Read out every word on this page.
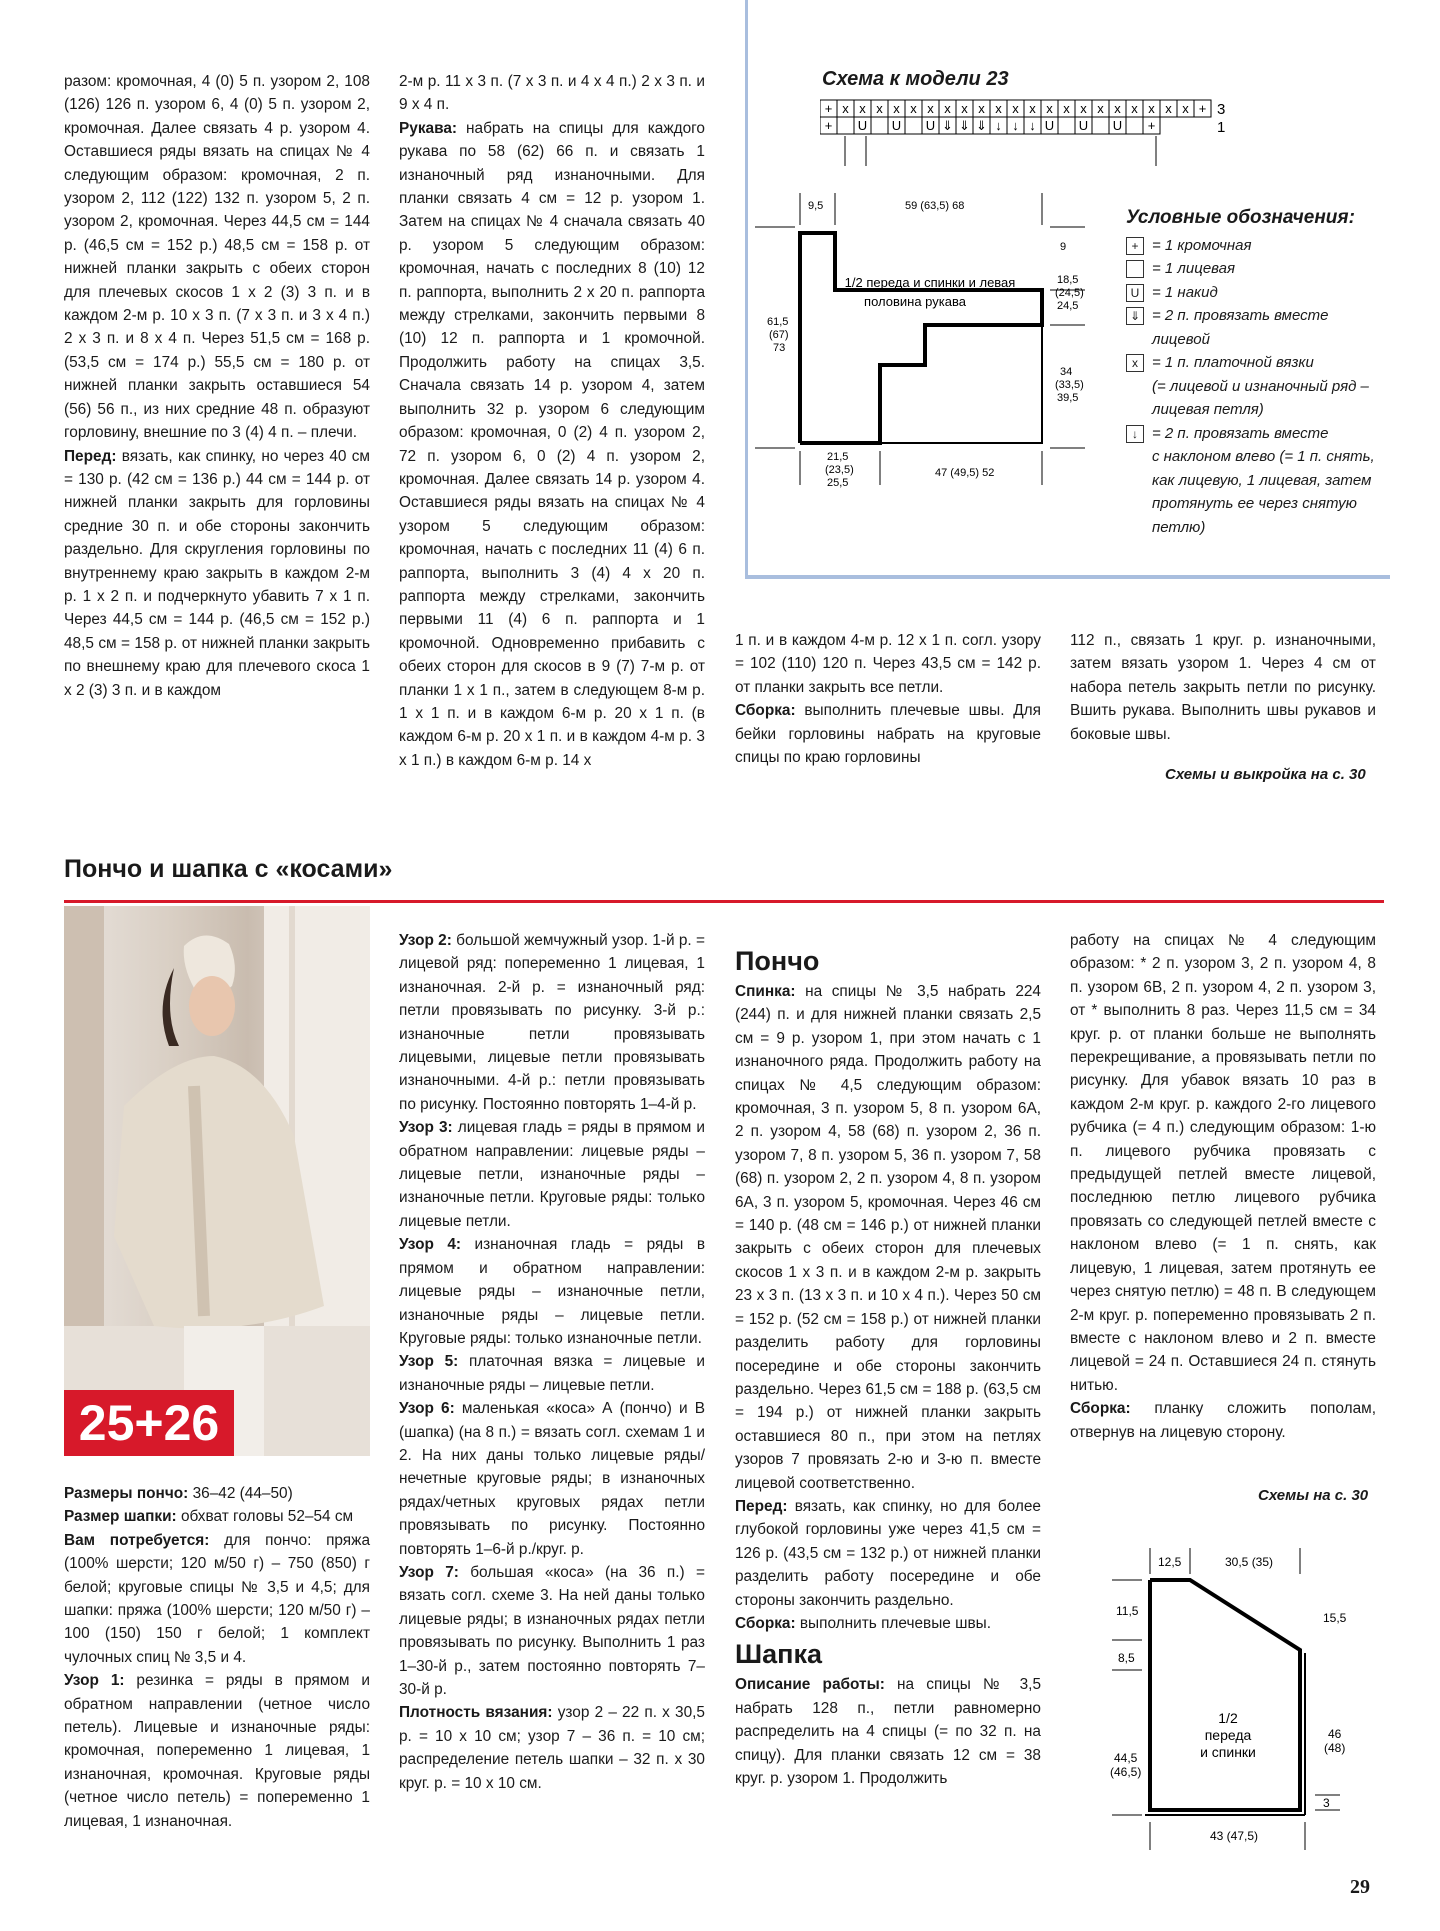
разом: кромочная, 4 (0) 5 п. узором 2, 108 (126) 126 п. узором 6, 4 (0) 5 п. узором 2, кромочная. Далее связать 4 р. узором 4. Оставшиеся ряды вязать на спицах № 4 следующим образом: кромочная, 2 п. узором 2, 112 (122) 132 п. узором 5, 2 п. узором 2, кромочная. Через 44,5 см = 144 р. (46,5 см = 152 р.) 48,5 см = 158 р. от нижней планки закрыть с обеих сторон для плечевых скосов 1 х 2 (3) 3 п. и в каждом 2-м р. 10 х 3 п. (7 х 3 п. и 3 х 4 п.) 2 х 3 п. и 8 х 4 п. Через 51,5 см = 168 р. (53,5 см = 174 р.) 55,5 см = 180 р. от нижней планки закрыть оставшиеся 54 (56) 56 п., из них средние 48 п. образуют горловину, внешние по 3 (4) 4 п. – плечи.

Перед: вязать, как спинку, но через 40 см = 130 р. (42 см = 136 р.) 44 см = 144 р. от нижней планки закрыть для горловины средние 30 п. и обе стороны закончить раздельно. Для скругления горловины по внутреннему краю закрыть в каждом 2-м р. 1 х 2 п. и подчеркнуто убавить 7 х 1 п. Через 44,5 см = 144 р. (46,5 см = 152 р.) 48,5 см = 158 р. от нижней планки закрыть по внешнему краю для плечевого скоса 1 х 2 (3) 3 п. и в каждом

2-м р. 11 х 3 п. (7 х 3 п. и 4 х 4 п.) 2 х 3 п. и 9 х 4 п.

Рукава: набрать на спицы для каждого рукава по 58 (62) 66 п. и связать 1 изнаночный ряд изнаночными. Для планки связать 4 см = 12 р. узором 1. Затем на спицах № 4 сначала связать 40 р. узором 5 следующим образом: кромочная, начать с последних 8 (10) 12 п. раппорта, выполнить 2 х 20 п. раппорта между стрелками, закончить первыми 8 (10) 12 п. раппорта и 1 кромочной. Продолжить работу на спицах 3,5. Сначала связать 14 р. узором 4, затем выполнить 32 р. узором 6 следующим образом: кромочная, 0 (2) 4 п. узором 2, 72 п. узором 6, 0 (2) 4 п. узором 2, кромочная. Далее связать 14 р. узором 4. Оставшиеся ряды вязать на спицах № 4 узором 5 следующим образом: кромочная, начать с последних 11 (4) 6 п. раппорта, выполнить 3 (4) 4 х 20 п. раппорта между стрелками, закончить первыми 11 (4) 6 п. раппорта и 1 кромочной. Одновременно прибавить с обеих сторон для скосов в 9 (7) 7-м р. от планки 1 х 1 п., затем в следующем 8-м р. 1 х 1 п. и в каждом 6-м р. 20 х 1 п. (в каждом 6-м р. 20 х 1 п. и в каждом 4-м р. 3 х 1 п.) в каждом 6-м р. 14 х

1 п. и в каждом 4-м р. 12 х 1 п. согл. узору = 102 (110) 120 п. Через 43,5 см = 142 р. от планки закрыть все петли.

Сборка: выполнить плечевые швы. Для бейки горловины набрать на круговые спицы по краю горловины

112 п., связать 1 круг. р. изнаночными, затем вязать узором 1. Через 4 см от набора петель закрыть петли по рисунку. Вшить рукава. Выполнить швы рукавов и боковые швы.

Схемы и выкройка на с. 30
Схема к модели 23
+ x x x x x x x x x x x x x x x x x x x x x +
+ U U U ⇓ ⇓ ⇓ ↓ ↓ ↓ U U U +
3
1
9,5	59 (63,5) 68
9
18,5
(24,5)
24,5
34
(33,5)
39,5
61,5
(67)
73
21,5
(23,5)
25,5
47 (49,5) 52
1/2 переда и спинки и левая
половина рукава
Условные обозначения:
+ = 1 кромочная
= 1 лицевая
U = 1 накид
⇓ = 2 п. провязать вместе
лицевой
x = 1 п. платочной вязки
(= лицевой и изнаночный ряд –
лицевая петля)
↓ = 2 п. провязать вместе
с наклоном влево (= 1 п. снять,
как лицевую, 1 лицевая, затем
протянуть ее через снятую
петлю)
Пончо и шапка с «косами»
25+26

Размеры пончо: 36–42 (44–50)

Размер шапки: обхват головы 52–54 см

Вам потребуется: для пончо: пряжа (100% шерсти; 120 м/50 г) – 750 (850) г белой; круговые спицы № 3,5 и 4,5; для шапки: пряжа (100% шерсти; 120 м/50 г) – 100 (150) 150 г белой; 1 комплект чулочных спиц № 3,5 и 4.

Узор 1: резинка = ряды в прямом и обратном направлении (четное число петель). Лицевые и изнаночные ряды: кромочная, попеременно 1 лицевая, 1 изнаночная, кромочная. Круговые ряды (четное число петель) = попеременно 1 лицевая, 1 изнаночная.

Узор 2: большой жемчужный узор. 1-й р. = лицевой ряд: попеременно 1 лицевая, 1 изнаночная. 2-й р. = изнаночный ряд: петли провязывать по рисунку. 3-й р.: изнаночные петли провязывать лицевыми, лицевые петли провязывать изнаночными. 4-й р.: петли провязывать по рисунку. Постоянно повторять 1–4-й р.

Узор 3: лицевая гладь = ряды в прямом и обратном направлении: лицевые ряды – лицевые петли, изнаночные ряды – изнаночные петли. Круговые ряды: только лицевые петли.

Узор 4: изнаночная гладь = ряды в прямом и обратном направлении: лицевые ряды – изнаночные петли, изнаночные ряды – лицевые петли. Круговые ряды: только изнаночные петли.

Узор 5: платочная вязка = лицевые и изнаночные ряды – лицевые петли.

Узор 6: маленькая «коса» А (пончо) и В (шапка) (на 8 п.) = вязать согл. схемам 1 и 2. На них даны только лицевые ряды/нечетные круговые ряды; в изнаночных рядах/четных круговых рядах петли провязывать по рисунку. Постоянно повторять 1–6-й р./круг. р.

Узор 7: большая «коса» (на 36 п.) = вязать согл. схеме 3. На ней даны только лицевые ряды; в изнаночных рядах петли провязывать по рисунку. Выполнить 1 раз 1–30-й р., затем постоянно повторять 7–30-й р.

Плотность вязания: узор 2 – 22 п. х 30,5 р. = 10 х 10 см; узор 7 – 36 п. = 10 см; распределение петель шапки – 32 п. х 30 круг. р. = 10 х 10 см.

Пончо

Спинка: на спицы № 3,5 набрать 224 (244) п. и для нижней планки связать 2,5 см = 9 р. узором 1, при этом начать с 1 изнаночного ряда. Продолжить работу на спицах № 4,5 следующим образом: кромочная, 3 п. узором 5, 8 п. узором 6А, 2 п. узором 4, 58 (68) п. узором 2, 36 п. узором 7, 8 п. узором 5, 36 п. узором 7, 58 (68) п. узором 2, 2 п. узором 4, 8 п. узором 6А, 3 п. узором 5, кромочная. Через 46 см = 140 р. (48 см = 146 р.) от нижней планки закрыть с обеих сторон для плечевых скосов 1 х 3 п. и в каждом 2-м р. закрыть 23 х 3 п. (13 х 3 п. и 10 х 4 п.). Через 50 см = 152 р. (52 см = 158 р.) от нижней планки разделить работу для горловины посередине и обе стороны закончить раздельно. Через 61,5 см = 188 р. (63,5 см = 194 р.) от нижней планки закрыть оставшиеся 80 п., при этом на петлях узоров 7 провязать 2-ю и 3-ю п. вместе лицевой соответственно.

Перед: вязать, как спинку, но для более глубокой горловины уже через 41,5 см = 126 р. (43,5 см = 132 р.) от нижней планки разделить работу посередине и обе стороны закончить раздельно.

Сборка: выполнить плечевые швы.

Шапка

Описание работы: на спицы № 3,5 набрать 128 п., петли равномерно распределить на 4 спицы (= по 32 п. на спицу). Для планки связать 12 см = 38 круг. р. узором 1. Продолжить

работу на спицах № 4 следующим образом: * 2 п. узором 3, 2 п. узором 4, 8 п. узором 6В, 2 п. узором 4, 2 п. узором 3, от * выполнить 8 раз. Через 11,5 см = 34 круг. р. от планки больше не выполнять перекрещивание, а провязывать петли по рисунку. Для убавок вязать 10 раз в каждом 2-м круг. р. каждого 2-го лицевого рубчика (= 4 п.) следующим образом: 1-ю п. лицевого рубчика провязать с предыдущей петлей вместе лицевой, последнюю петлю лицевого рубчика провязать со следующей петлей вместе с наклоном влево (= 1 п. снять, как лицевую, 1 лицевая, затем протянуть ее через снятую петлю) = 48 п. В следующем 2-м круг. р. попеременно провязывать 2 п. вместе с наклоном влево и 2 п. вместе лицевой = 24 п. Оставшиеся 24 п. стянуть нитью.

Сборка: планку сложить пополам, отвернув на лицевую сторону.

Схемы на с. 30
12,5	30,5 (35)
11,5
8,5
15,5
1/2
переда
и спинки
46
(48)
44,5
(46,5)
3
43 (47,5)
29
